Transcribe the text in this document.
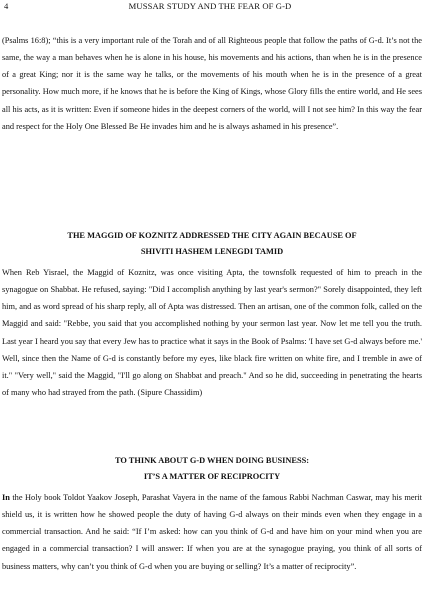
4	MUSSAR STUDY AND THE FEAR OF G-D

(Psalms 16:8); “this is a very important rule of the Torah and of all Righteous people that follow the paths of G-d. It’s not the same, the way a man behaves when he is alone in his house, his movements and his actions, than when he is in the presence of a great King; nor it is the same way he talks, or the movements of his mouth when he is in the presence of a great personality. How much more, if he knows that he is before the King of Kings, whose Glory fills the entire world, and He sees all his acts, as it is written: Even if someone hides in the deepest corners of the world, will I not see him? In this way the fear and respect for the Holy One Blessed Be He invades him and he is always ashamed in his presence”.

THE MAGGID OF KOZNITZ ADDRESSED THE CITY AGAIN BECAUSE OF
SHIVITI HASHEM LENEGDI TAMID

When Reb Yisrael, the Maggid of Koznitz, was once visiting Apta, the townsfolk requested of him to preach in the synagogue on Shabbat. He refused, saying: "Did I accomplish anything by last year's sermon?" Sorely disappointed, they left him, and as word spread of his sharp reply, all of Apta was distressed. Then an artisan, one of the common folk, called on the Maggid and said: "Rebbe, you said that you accomplished nothing by your sermon last year. Now let me tell you the truth. Last year I heard you say that every Jew has to practice what it says in the Book of Psalms: 'I have set G-d always before me.' Well, since then the Name of G-d is constantly before my eyes, like black fire written on white fire, and I tremble in awe of it." "Very well," said the Maggid, "I'll go along on Shabbat and preach." And so he did, succeeding in penetrating the hearts of many who had strayed from the path. (Sipure Chassidim)

TO THINK ABOUT G-D WHEN DOING BUSINESS:
IT’S A MATTER OF RECIPROCITY

In the Holy book Toldot Yaakov Joseph, Parashat Vayera in the name of the famous Rabbi Nachman Caswar, may his merit shield us, it is written how he showed people the duty of having G-d always on their minds even when they engage in a commercial transaction. And he said: “If I’m asked: how can you think of G-d and have him on your mind when you are engaged in a commercial transaction? I will answer: If when you are at the synagogue praying, you think of all sorts of business matters, why can’t you think of G-d when you are buying or selling? It’s a matter of reciprocity”.
